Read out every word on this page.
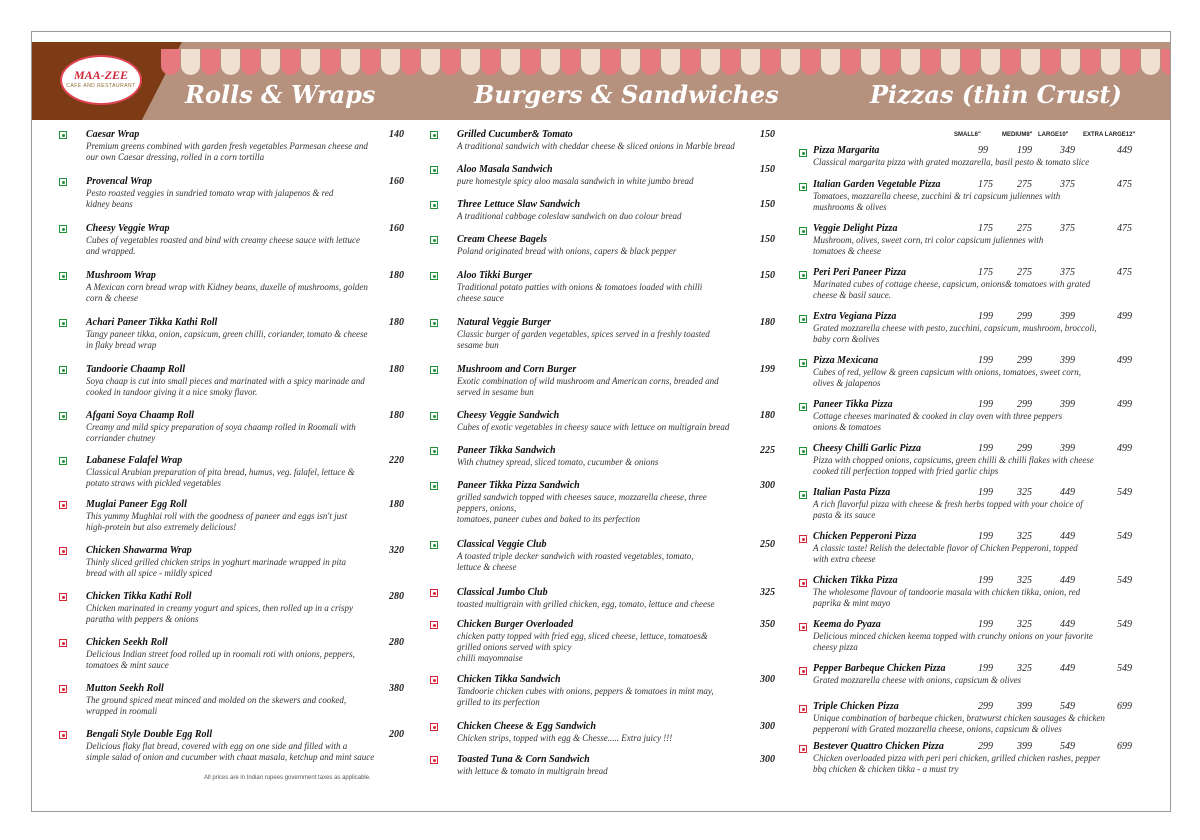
MAA-ZEE
CAFE AND RESTAURANT Rolls & Wraps	Burgers & Sandwiches	Pizzas (thin Crust)
Caesar Wrap	140
Premium greens combined with garden fresh vegetables Parmesan cheese and
our own Caesar dressing, rolled in a corn tortilla
Provencal Wrap	160
Pesto roasted veggies in sundried tomato wrap with jalapenos & red
kidney beans
Cheesy Veggie Wrap	160
Cubes of vegetables roasted and bind with creamy cheese sauce with lettuce
and wrapped.
Mushroom Wrap	180
A Mexican corn bread wrap with Kidney beans, duxelle of mushrooms, golden
corn & cheese
Achari Paneer Tikka Kathi Roll	180
Tangy paneer tikka, onion, capsicum, green chilli, coriander, tomato & cheese
in flaky bread wrap
Tandoorie Chaamp Roll	180
Soya chaap is cut into small pieces and marinated with a spicy marinade and
cooked in tandoor giving it a nice smoky flavor.
Afgani Soya Chaamp Roll	180
Creamy and mild spicy preparation of soya chaamp rolled in Roomali with
corriander chutney
Labanese Falafel Wrap	220
Classical Arabian preparation of pita bread, humus, veg. falafel, lettuce &
potato straws with pickled vegetables
Muglai Paneer Egg Roll	180
This yummy Mughlai roll with the goodness of paneer and eggs isn't just
high-protein but also extremely delicious!
Chicken Shawarma Wrap	320
Thinly sliced grilled chicken strips in yoghurt marinade wrapped in pita
bread with all spice - mildly spiced
Chicken Tikka Kathi Roll	280
Chicken marinated in creamy yogurt and spices, then rolled up in a crispy
paratha with peppers & onions
Chicken Seekh Roll	280
Delicious Indian street food rolled up in roomali roti with onions, peppers,
tomatoes & mint sauce
Mutton Seekh Roll	380
The ground spiced meat minced and molded on the skewers and cooked,
wrapped in roomali
Bengali Style Double Egg Roll	200
Delicious flaky flat bread, covered with egg on one side and filled with a
simple salad of onion and cucumber with chaat masala, ketchup and mint sauce
Grilled Cucumber& Tomato	150
A traditional sandwich with cheddar cheese & sliced onions in Marble bread
Aloo Masala Sandwich	150
pure homestyle spicy aloo masala sandwich in white jumbo bread
Three Lettuce Slaw Sandwich	150
A traditional cabbage coleslaw sandwich on duo colour bread
Cream Cheese Bagels	150
Poland originated bread with onions, capers & black pepper
Aloo Tikki Burger	150
Traditional potato patties with onions & tomatoes loaded with chilli
cheese sauce
Natural Veggie Burger	180
Classic burger of garden vegetables, spices served in a freshly toasted
sesame bun
Mushroom and Corn Burger	199
Exotic combination of wild mushroom and American corns, breaded and
served in sesame bun
Cheesy Veggie Sandwich	180
Cubes of exotic vegetables in cheesy sauce with lettuce on multigrain bread
Paneer Tikka Sandwich	225
With chutney spread, sliced tomato, cucumber & onions
Paneer Tikka Pizza Sandwich	300
grilled sandwich topped with cheeses sauce, mozzarella cheese, three
peppers, onions,
tomatoes, paneer cubes and baked to its perfection
Classical Veggie Club	250
A toasted triple decker sandwich with roasted vegetables, tomato,
lettuce & cheese
Classical Jumbo Club	325
toasted multigrain with grilled chicken, egg, tomato, lettuce and cheese
Chicken Burger Overloaded	350
chicken patty topped with fried egg, sliced cheese, lettuce, tomatoes&
grilled onions served with spicy
chilli mayomnaise
Chicken Tikka Sandwich	300
Tandoorie chicken cubes with onions, peppers & tomatoes in mint may,
grilled to its perfection
Chicken Cheese & Egg Sandwich	300
Chicken strips, topped with egg & Chesse..... Extra juicy !!!
Toasted Tuna & Corn Sandwich	300
with lettuce & tomato in multigrain bread
SMALL6"	MEDIUM8" LARGE10" EXTRA LARGE12"
Pizza Margarita	99	199	349	449
Classical margarita pizza with grated mozzarella, basil pesto & tomato slice
Italian Garden Vegetable Pizza	175 275	375	475
Tomatoes, mozzarella cheese, zucchini & tri capsicum juliennes with
mushrooms & olives
Veggie Delight Pizza	175 275	375	475
Mushroom, olives, sweet corn, tri color capsicum juliennes with
tomatoes & cheese
Peri Peri Paneer Pizza	175 275	375	475
Marinated cubes of cottage cheese, capsicum, onions& tomatoes with grated
cheese & basil sauce.
Extra Vegiana Pizza	199 299	399	499
Grated mozzarella cheese with pesto, zucchini, capsicum, mushroom, broccoli,
baby corn &olives
Pizza Mexicana	199 299	399	499
Cubes of red, yellow & green capsicum with onions, tomatoes, sweet corn,
olives & jalapenos
Paneer Tikka Pizza	199 299	399	499
Cottage cheeses marinated & cooked in clay oven with three peppers
onions & tomatoes
Cheesy Chilli Garlic Pizza	199 299	399	499
Pizza with chopped onions, capsicums, green chilli & chilli flakes with cheese
cooked till perfection topped with fried garlic chips
Italian Pasta Pizza	199 325	449	549
A rich flavorful pizza with cheese & fresh herbs topped with your choice of
pasta & its sauce
Chicken Pepperoni Pizza	199 325	449	549
A classic taste! Relish the delectable flavor of Chicken Pepperoni, topped
with extra cheese
Chicken Tikka Pizza	199 325	449	549
The wholesome flavour of tandoorie masala with chicken tikka, onion, red
paprika & mint mayo
Keema do Pyaza	199 325	449	549
Delicious minced chicken keema topped with crunchy onions on your favorite
cheesy pizza
Pepper Barbeque Chicken Pizza	199 325	449	549
Grated mozzarella cheese with onions, capsicum & olives
Triple Chicken Pizza	299 399	549	699
Unique combination of barbeque chicken, bratwurst chicken sausages & chicken
pepperoni with Grated mozzarella cheese, onions, capsicum & olives
Bestever Quattro Chicken Pizza	299 399	549	699
Chicken overloaded pizza with peri peri chicken, grilled chicken rashes, pepper
bbq chicken & chicken tikka - a must try
All prices are in Indian rupees government taxes as applicable.
